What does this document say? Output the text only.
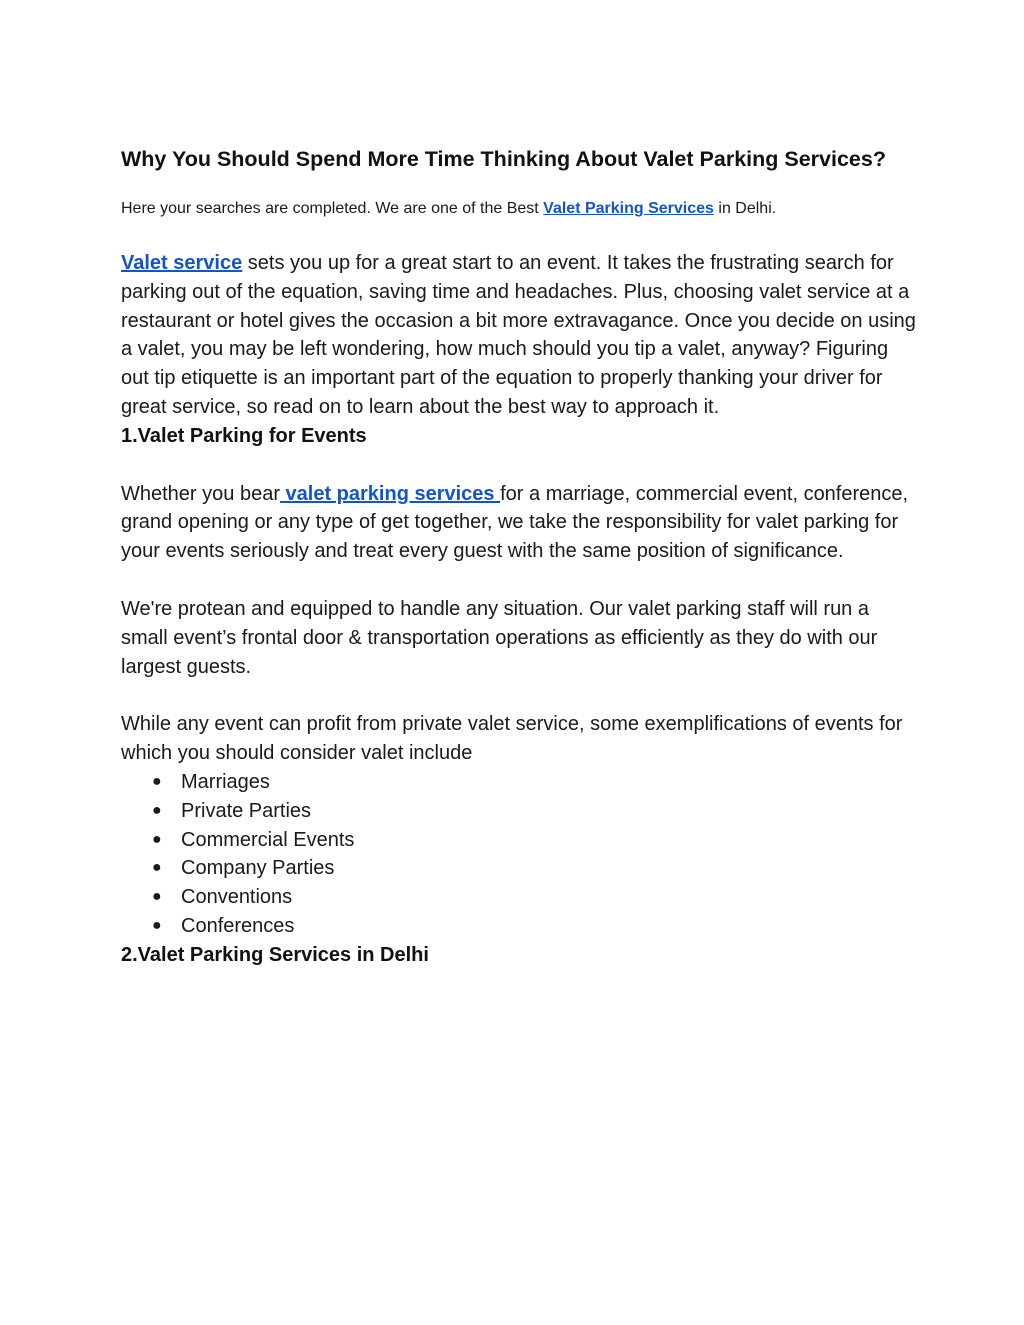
Why You Should Spend More Time Thinking About Valet Parking Services?

Here your searches are completed. We are one of the Best Valet Parking Services in Delhi.

Valet service sets you up for a great start to an event. It takes the frustrating search for parking out of the equation, saving time and headaches. Plus, choosing valet service at a restaurant or hotel gives the occasion a bit more extravagance. Once you decide on using a valet, you may be left wondering, how much should you tip a valet, anyway? Figuring out tip etiquette is an important part of the equation to properly thanking your driver for great service, so read on to learn about the best way to approach it.

1.Valet Parking for Events

Whether you bear valet parking services for a marriage, commercial event, conference, grand opening or any type of get together, we take the responsibility for valet parking for your events seriously and treat every guest with the same position of significance.

We're protean and equipped to handle any situation. Our valet parking staff will run a small event’s frontal door & transportation operations as efficiently as they do with our largest guests.

While any event can profit from private valet service, some exemplifications of events for which you should consider valet include

● Marriages
● Private Parties
● Commercial Events
● Company Parties
● Conventions
● Conferences

2.Valet Parking Services in Delhi
